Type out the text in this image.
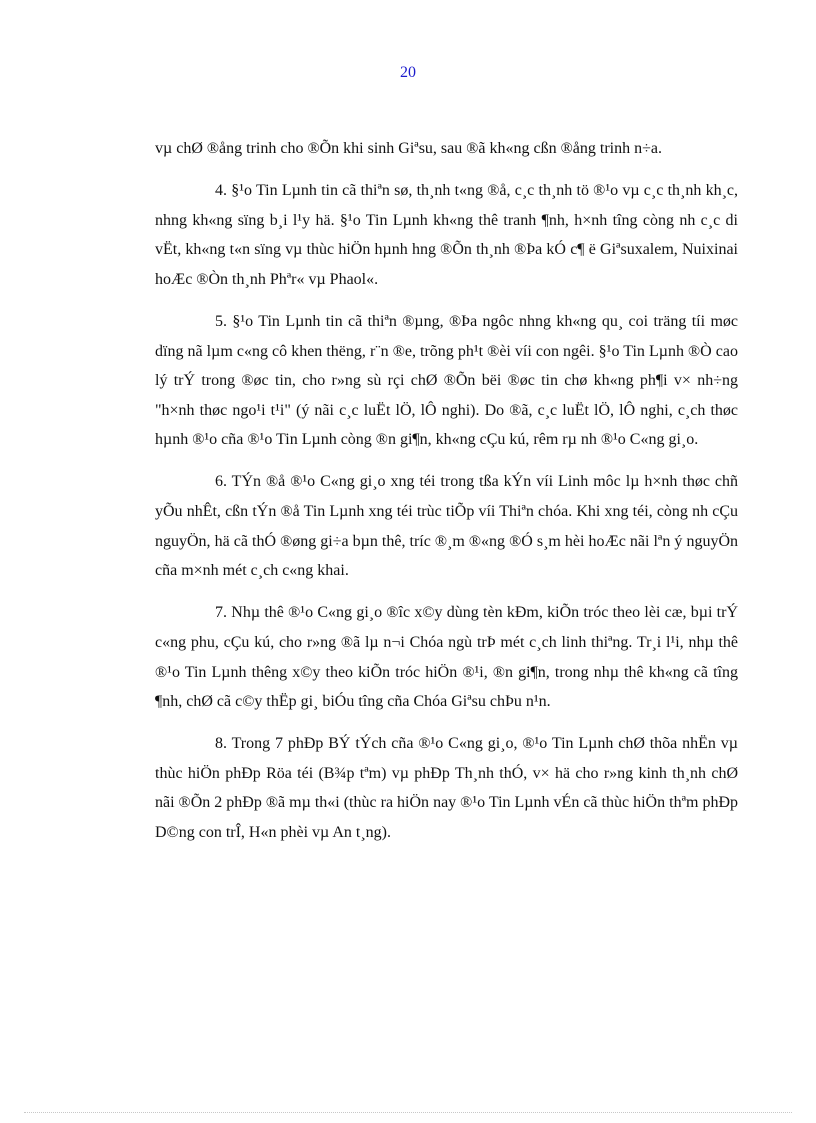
20

vµ chØ ®ång trinh cho ®Õn khi sinh Giªsu, sau ®ã kh«ng cßn ®ång trinh n÷a.

4. §¹o Tin Lµnh tin cã thiªn sø, th¸nh t«ng ®å, c¸c th¸nh tö ®¹o vµ c¸c th¸nh kh¸c, nhng kh«ng sïng b¸i l¹y hä. §¹o Tin Lµnh kh«ng thê tranh ¶nh, h×nh tîng còng nh c¸c di vËt, kh«ng t«n sïng vµ thùc hiÖn hµnh hng ®Õn th¸nh ®Þa kÓ c¶ ë Giªsuxalem, Nuixinai hoÆc ®Òn th¸nh Phªr« vµ Phaol«.

5. §¹o Tin Lµnh tin cã thiªn ®µng, ®Þa ngôc nhng kh«ng qu¸ coi träng tíi møc dïng nã lµm c«ng cô khen thëng, r¨n ®e, trõng ph¹t ®èi víi con ngêi. §¹o Tin Lµnh ®Ò cao lý trÝ trong ®øc tin, cho r»ng sù rçi chØ ®Õn bëi ®øc tin chø kh«ng ph¶i v× nh÷ng "h×nh thøc ngo¹i t¹i" (ý nãi c¸c luËt lÖ, lÔ nghi). Do ®ã, c¸c luËt lÖ, lÔ nghi, c¸ch thøc hµnh ®¹o cña ®¹o Tin Lµnh còng ®n gi¶n, kh«ng cÇu kú, rêm rµ nh ®¹o C«ng gi¸o.

6. TÝn ®å ®¹o C«ng gi¸o xng téi trong tßa kÝn víi Linh môc lµ h×nh thøc chñ yÕu nhÊt, cßn tÝn ®å Tin Lµnh xng téi trùc tiÕp víi Thiªn chóa. Khi xng téi, còng nh cÇu nguyÖn, hä cã thÓ ®øng gi÷a bµn thê, tríc ®¸m ®«ng ®Ó s¸m hèi hoÆc nãi lªn ý nguyÖn cña m×nh mét c¸ch c«ng khai.

7. Nhµ thê ®¹o C«ng gi¸o ®îc x©y dùng tèn kÐm, kiÕn tróc theo lèi cæ, bµi trÝ c«ng phu, cÇu kú, cho r»ng ®ã lµ n¬i Chóa ngù trÞ mét c¸ch linh thiªng. Tr¸i l¹i, nhµ thê ®¹o Tin Lµnh thêng x©y theo kiÕn tróc hiÖn ®¹i, ®n gi¶n, trong nhµ thê kh«ng cã tîng ¶nh, chØ cã c©y thËp gi¸ biÓu tîng cña Chóa Giªsu chÞu n¹n.

8. Trong 7 phÐp BÝ tÝch cña ®¹o C«ng gi¸o, ®¹o Tin Lµnh chØ thõa nhËn vµ thùc hiÖn phÐp Röa téi (B¾p tªm) vµ phÐp Th¸nh thÓ, v× hä cho r»ng kinh th¸nh chØ nãi ®Õn 2 phÐp ®ã mµ th«i (thùc ra hiÖn nay ®¹o Tin Lµnh vÉn cã thùc hiÖn thªm phÐp D©ng con trÎ, H«n phèi vµ An t¸ng).
